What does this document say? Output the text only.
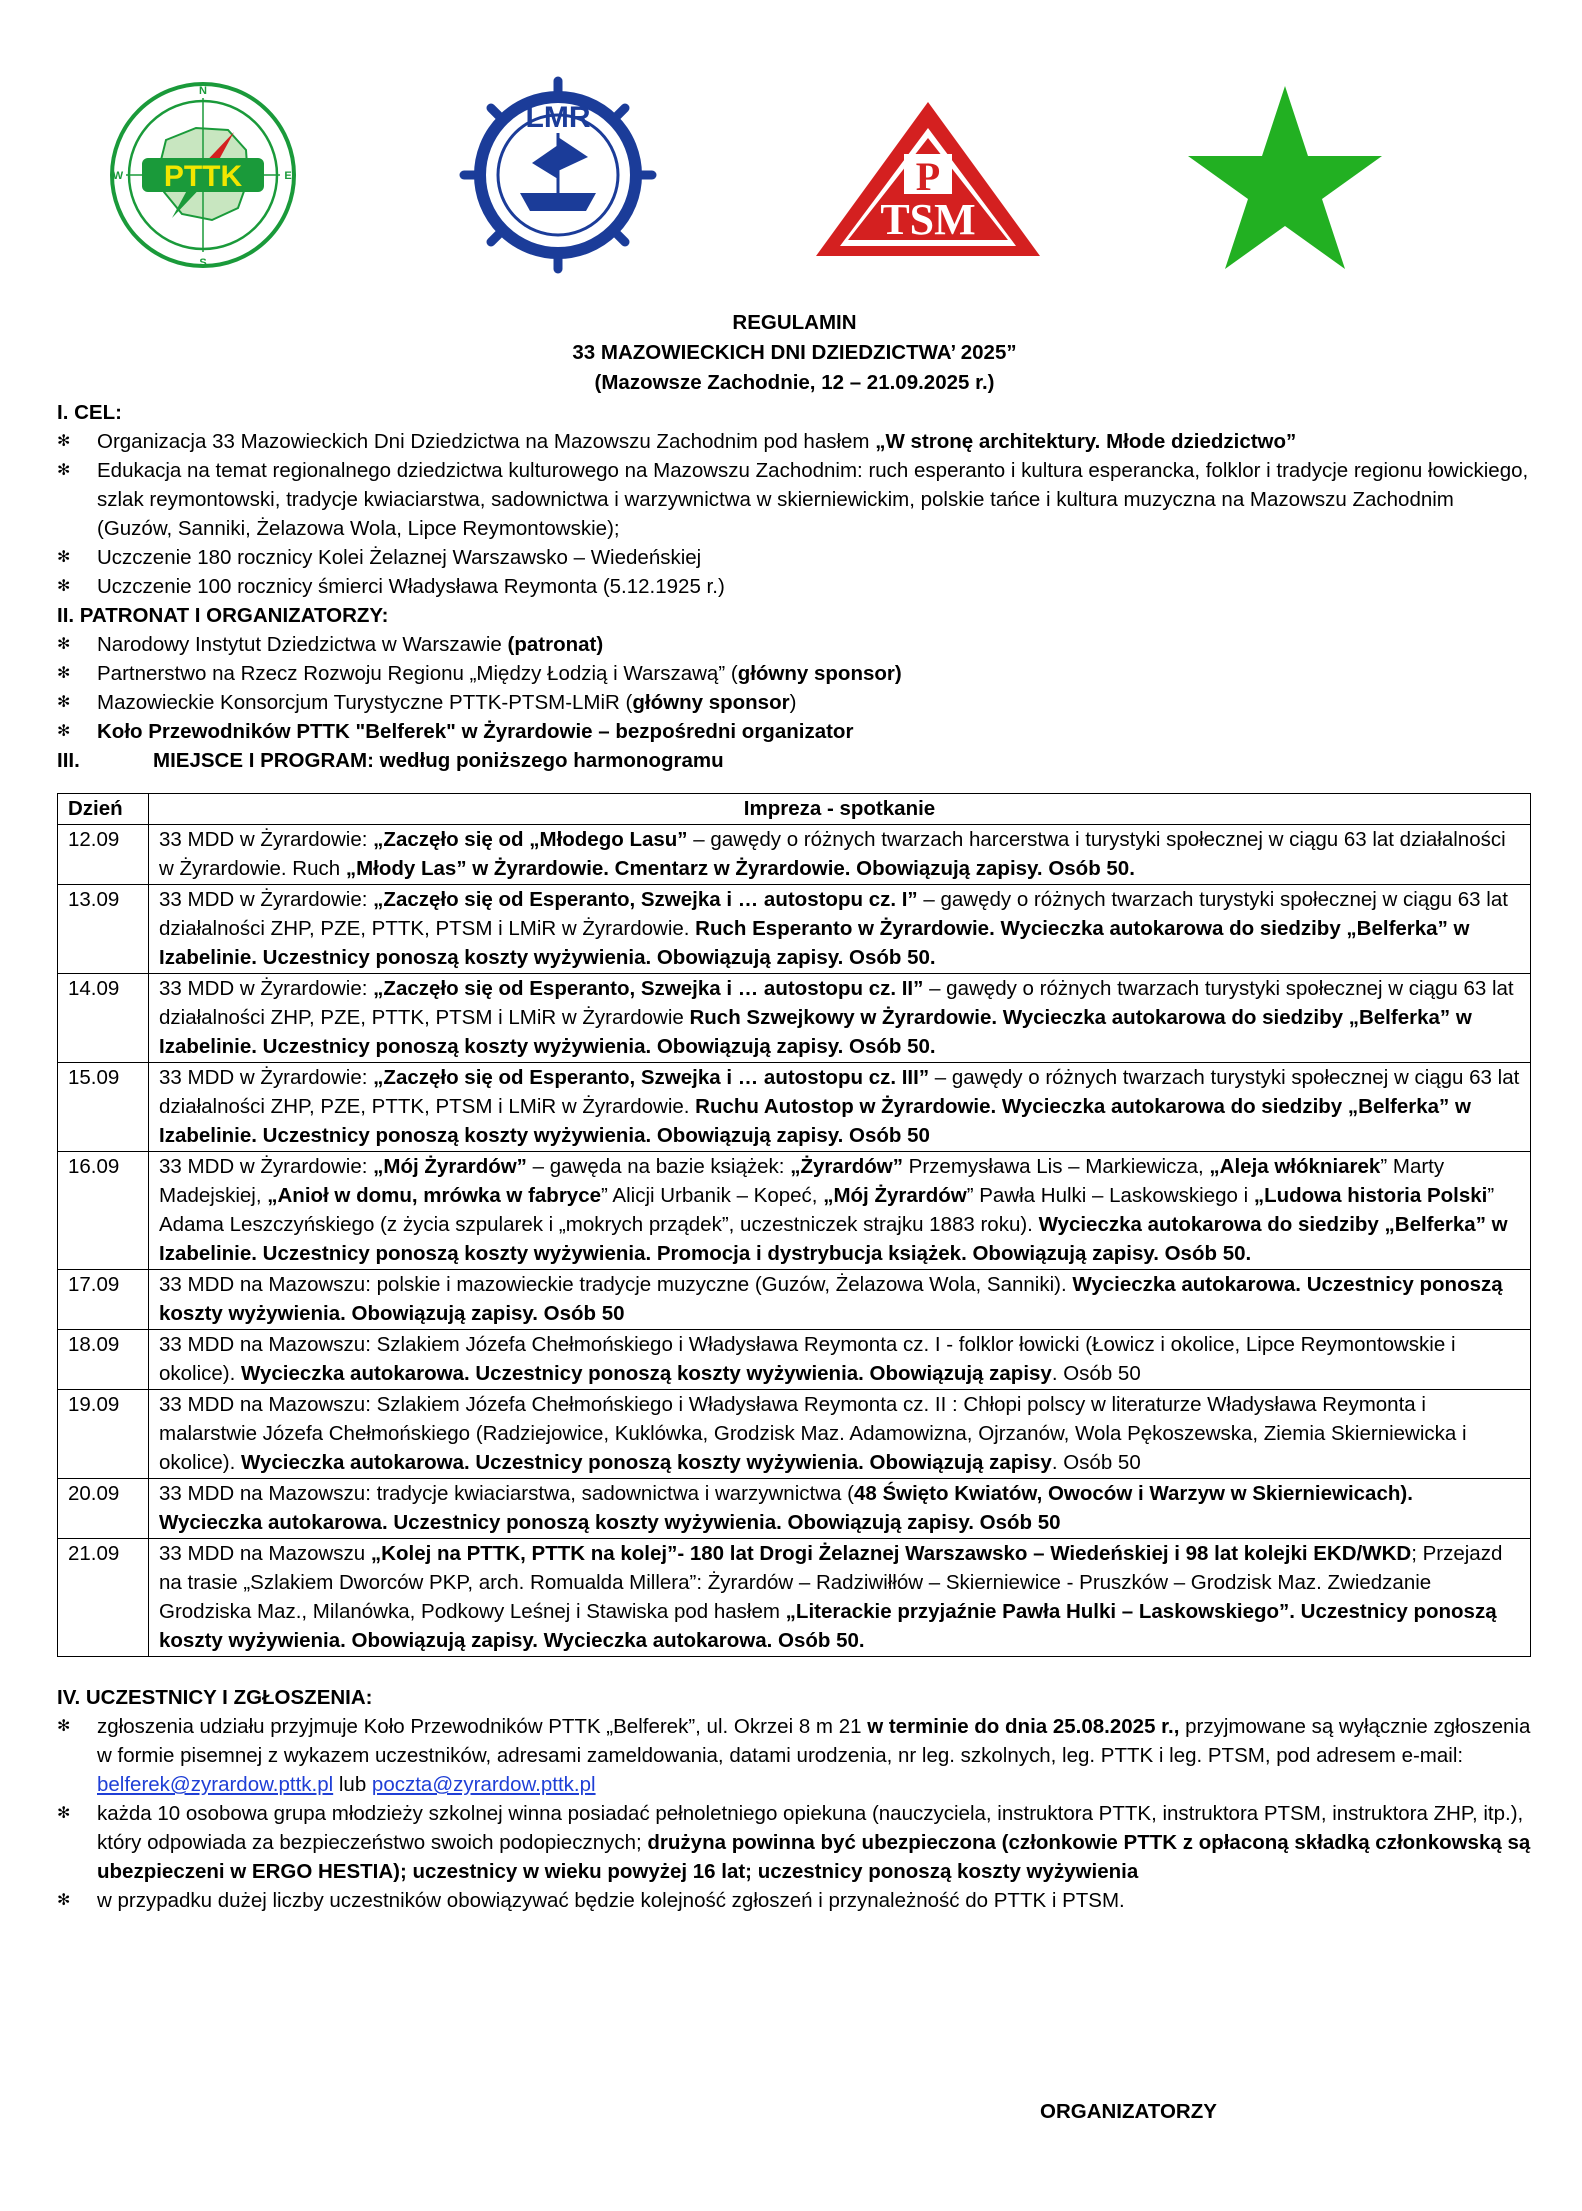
PTTK
N
E
S
W
LMR
P
TSM
REGULAMIN
33 MAZOWIECKICH DNI DZIEDZICTWA’ 2025”
(Mazowsze Zachodnie, 12 – 21.09.2025 r.)
I. CEL:
✻ Organizacja 33 Mazowieckich Dni Dziedzictwa na Mazowszu Zachodnim pod hasłem „W stronę architektury. Młode dziedzictwo”
✻ Edukacja na temat regionalnego dziedzictwa kulturowego na Mazowszu Zachodnim: ruch esperanto i kultura esperancka, folklor i tradycje regionu łowickiego, szlak reymontowski, tradycje kwiaciarstwa, sadownictwa i warzywnictwa w skierniewickim, polskie tańce i kultura muzyczna na Mazowszu Zachodnim (Guzów, Sanniki, Żelazowa Wola, Lipce Reymontowskie);
✻ Uczczenie 180 rocznicy Kolei Żelaznej Warszawsko – Wiedeńskiej
✻ Uczczenie 100 rocznicy śmierci Władysława Reymonta (5.12.1925 r.)
II. PATRONAT I ORGANIZATORZY:
✻ Narodowy Instytut Dziedzictwa w Warszawie (patronat)
✻ Partnerstwo na Rzecz Rozwoju Regionu „Między Łodzią i Warszawą” (główny sponsor)
✻ Mazowieckie Konsorcjum Turystyczne PTTK-PTSM-LMiR (główny sponsor)
✻ Koło Przewodników PTTK "Belferek" w Żyrardowie – bezpośredni organizator
III.	MIEJSCE I PROGRAM: według poniższego harmonogramu
Dzień	Impreza - spotkanie
12.09	33 MDD w Żyrardowie: „Zaczęło się od „Młodego Lasu” – gawędy o różnych twarzach harcerstwa i turystyki społecznej w ciągu 63 lat działalności w Żyrardowie. Ruch „Młody Las” w Żyrardowie. Cmentarz w Żyrardowie. Obowiązują zapisy. Osób 50.
13.09	33 MDD w Żyrardowie: „Zaczęło się od Esperanto, Szwejka i … autostopu cz. I” – gawędy o różnych twarzach turystyki społecznej w ciągu 63 lat działalności ZHP, PZE, PTTK, PTSM i LMiR w Żyrardowie. Ruch Esperanto w Żyrardowie. Wycieczka autokarowa do siedziby „Belferka” w Izabelinie. Uczestnicy ponoszą koszty wyżywienia. Obowiązują zapisy. Osób 50.
14.09	33 MDD w Żyrardowie: „Zaczęło się od Esperanto, Szwejka i … autostopu cz. II” – gawędy o różnych twarzach turystyki społecznej w ciągu 63 lat działalności ZHP, PZE, PTTK, PTSM i LMiR w Żyrardowie Ruch Szwejkowy w Żyrardowie. Wycieczka autokarowa do siedziby „Belferka” w Izabelinie. Uczestnicy ponoszą koszty wyżywienia. Obowiązują zapisy. Osób 50.
15.09	33 MDD w Żyrardowie: „Zaczęło się od Esperanto, Szwejka i … autostopu cz. III” – gawędy o różnych twarzach turystyki społecznej w ciągu 63 lat działalności ZHP, PZE, PTTK, PTSM i LMiR w Żyrardowie. Ruchu Autostop w Żyrardowie. Wycieczka autokarowa do siedziby „Belferka” w Izabelinie. Uczestnicy ponoszą koszty wyżywienia. Obowiązują zapisy. Osób 50
16.09	33 MDD w Żyrardowie: „Mój Żyrardów” – gawęda na bazie książek: „Żyrardów” Przemysława Lis – Markiewicza, „Aleja włókniarek” Marty Madejskiej, „Anioł w domu, mrówka w fabryce” Alicji Urbanik – Kopeć, „Mój Żyrardów” Pawła Hulki – Laskowskiego i „Ludowa historia Polski” Adama Leszczyńskiego (z życia szpularek i „mokrych prządek”, uczestniczek strajku 1883 roku). Wycieczka autokarowa do siedziby „Belferka” w Izabelinie. Uczestnicy ponoszą koszty wyżywienia. Promocja i dystrybucja książek. Obowiązują zapisy. Osób 50.
17.09	33 MDD na Mazowszu: polskie i mazowieckie tradycje muzyczne (Guzów, Żelazowa Wola, Sanniki). Wycieczka autokarowa. Uczestnicy ponoszą koszty wyżywienia. Obowiązują zapisy. Osób 50
18.09	33 MDD na Mazowszu: Szlakiem Józefa Chełmońskiego i Władysława Reymonta cz. I - folklor łowicki (Łowicz i okolice, Lipce Reymontowskie i okolice). Wycieczka autokarowa. Uczestnicy ponoszą koszty wyżywienia. Obowiązują zapisy. Osób 50
19.09	33 MDD na Mazowszu: Szlakiem Józefa Chełmońskiego i Władysława Reymonta cz. II : Chłopi polscy w literaturze Władysława Reymonta i malarstwie Józefa Chełmońskiego (Radziejowice, Kuklówka, Grodzisk Maz. Adamowizna, Ojrzanów, Wola Pękoszewska, Ziemia Skierniewicka i okolice). Wycieczka autokarowa. Uczestnicy ponoszą koszty wyżywienia. Obowiązują zapisy. Osób 50
20.09	33 MDD na Mazowszu: tradycje kwiaciarstwa, sadownictwa i warzywnictwa (48 Święto Kwiatów, Owoców i Warzyw w Skierniewicach). Wycieczka autokarowa. Uczestnicy ponoszą koszty wyżywienia. Obowiązują zapisy. Osób 50
21.09	33 MDD na Mazowszu „Kolej na PTTK, PTTK na kolej”- 180 lat Drogi Żelaznej Warszawsko – Wiedeńskiej i 98 lat kolejki EKD/WKD; Przejazd na trasie „Szlakiem Dworców PKP, arch. Romualda Millera”: Żyrardów – Radziwiłłów – Skierniewice - Pruszków – Grodzisk Maz. Zwiedzanie Grodziska Maz., Milanówka, Podkowy Leśnej i Stawiska pod hasłem „Literackie przyjaźnie Pawła Hulki – Laskowskiego”. Uczestnicy ponoszą koszty wyżywienia. Obowiązują zapisy. Wycieczka autokarowa. Osób 50.
IV. UCZESTNICY I ZGŁOSZENIA:
✻ zgłoszenia udziału przyjmuje Koło Przewodników PTTK „Belferek”, ul. Okrzei 8 m 21 w terminie do dnia 25.08.2025 r., przyjmowane są wyłącznie zgłoszenia w formie pisemnej z wykazem uczestników, adresami zameldowania, datami urodzenia, nr leg. szkolnych, leg. PTTK i leg. PTSM, pod adresem e-mail: belferek@zyrardow.pttk.pl lub poczta@zyrardow.pttk.pl
✻ każda 10 osobowa grupa młodzieży szkolnej winna posiadać pełnoletniego opiekuna (nauczyciela, instruktora PTTK, instruktora PTSM, instruktora ZHP, itp.), który odpowiada za bezpieczeństwo swoich podopiecznych; drużyna powinna być ubezpieczona (członkowie PTTK z opłaconą składką członkowską są ubezpieczeni w ERGO HESTIA); uczestnicy w wieku powyżej 16 lat; uczestnicy ponoszą koszty wyżywienia
✻ w przypadku dużej liczby uczestników obowiązywać będzie kolejność zgłoszeń i przynależność do PTTK i PTSM.
ORGANIZATORZY
